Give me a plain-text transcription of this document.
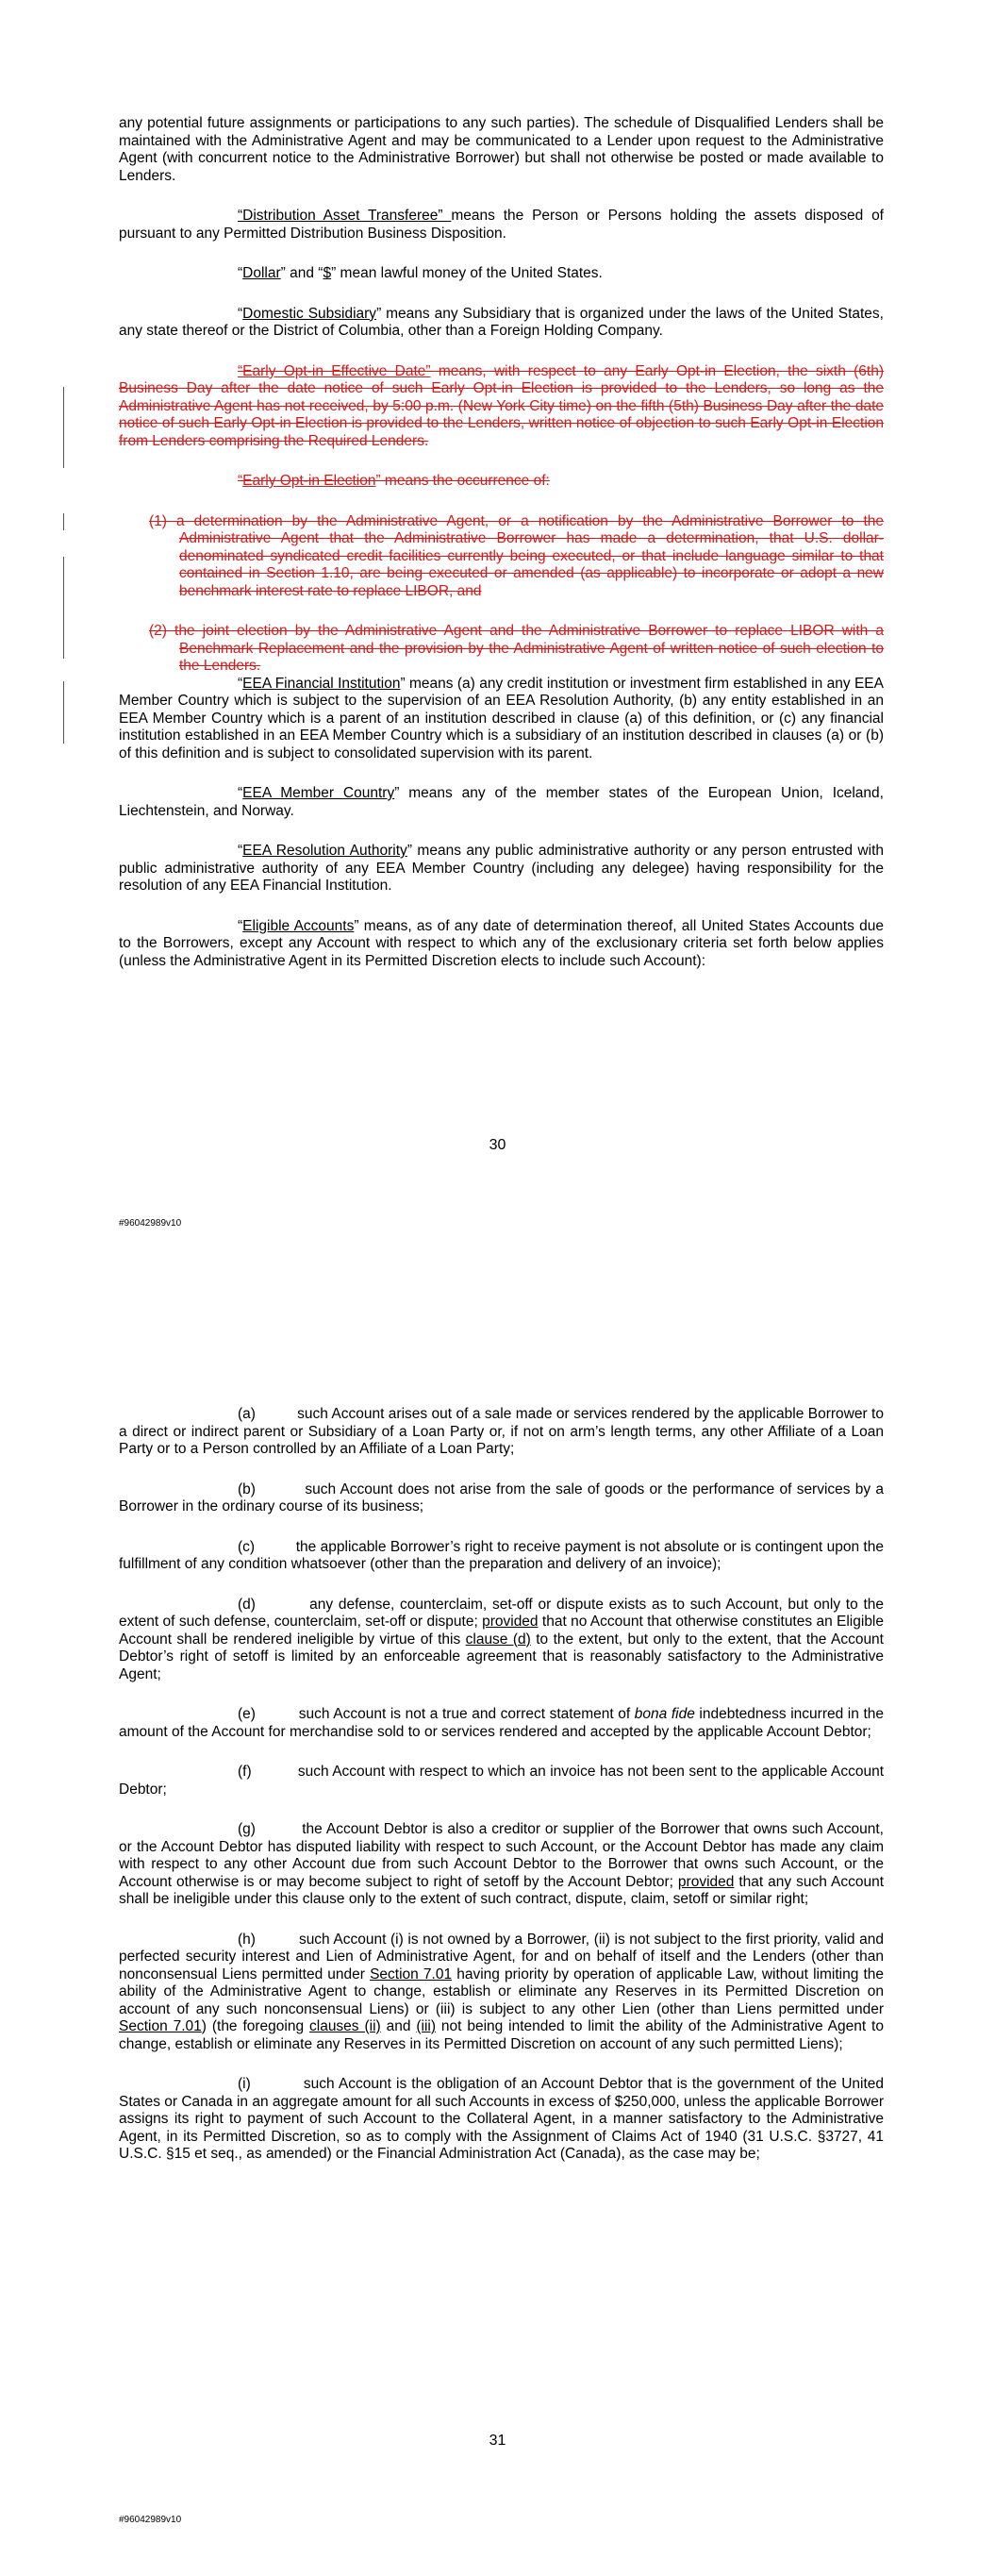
any potential future assignments or participations to any such parties). The schedule of Disqualified Lenders shall be maintained with the Administrative Agent and may be communicated to a Lender upon request to the Administrative Agent (with concurrent notice to the Administrative Borrower) but shall not otherwise be posted or made available to Lenders.

“Distribution Asset Transferee” means the Person or Persons holding the assets disposed of pursuant to any Permitted Distribution Business Disposition.

“Dollar” and “$” mean lawful money of the United States.

“Domestic Subsidiary” means any Subsidiary that is organized under the laws of the United States, any state thereof or the District of Columbia, other than a Foreign Holding Company.

“Early Opt-in Effective Date” means, with respect to any Early Opt-in Election, the sixth (6th) Business Day after the date notice of such Early Opt-in Election is provided to the Lenders, so long as the Administrative Agent has not received, by 5:00 p.m. (New York City time) on the fifth (5th) Business Day after the date notice of such Early Opt-in Election is provided to the Lenders, written notice of objection to such Early Opt-in Election from Lenders comprising the Required Lenders.

“Early Opt-in Election” means the occurrence of:

(1) a determination by the Administrative Agent, or a notification by the Administrative Borrower to the Administrative Agent that the Administrative Borrower has made a determination, that U.S. dollar-denominated syndicated credit facilities currently being executed, or that include language similar to that contained in Section 1.10, are being executed or amended (as applicable) to incorporate or adopt a new benchmark interest rate to replace LIBOR, and

(2) the joint election by the Administrative Agent and the Administrative Borrower to replace LIBOR with a Benchmark Replacement and the provision by the Administrative Agent of written notice of such election to the Lenders.

“EEA Financial Institution” means (a) any credit institution or investment firm established in any EEA Member Country which is subject to the supervision of an EEA Resolution Authority, (b) any entity established in an EEA Member Country which is a parent of an institution described in clause (a) of this definition, or (c) any financial institution established in an EEA Member Country which is a subsidiary of an institution described in clauses (a) or (b) of this definition and is subject to consolidated supervision with its parent.

“EEA Member Country” means any of the member states of the European Union, Iceland, Liechtenstein, and Norway.

“EEA Resolution Authority” means any public administrative authority or any person entrusted with public administrative authority of any EEA Member Country (including any delegee) having responsibility for the resolution of any EEA Financial Institution.

“Eligible Accounts” means, as of any date of determination thereof, all United States Accounts due to the Borrowers, except any Account with respect to which any of the exclusionary criteria set forth below applies (unless the Administrative Agent in its Permitted Discretion elects to include such Account):

30
#96042989v10

(a)	such Account arises out of a sale made or services rendered by the applicable Borrower to a direct or indirect parent or Subsidiary of a Loan Party or, if not on arm’s length terms, any other Affiliate of a Loan Party or to a Person controlled by an Affiliate of a Loan Party;

(b)	such Account does not arise from the sale of goods or the performance of services by a Borrower in the ordinary course of its business;

(c)	the applicable Borrower’s right to receive payment is not absolute or is contingent upon the fulfillment of any condition whatsoever (other than the preparation and delivery of an invoice);

(d)	any defense, counterclaim, set-off or dispute exists as to such Account, but only to the extent of such defense, counterclaim, set-off or dispute; provided that no Account that otherwise constitutes an Eligible Account shall be rendered ineligible by virtue of this clause (d) to the extent, but only to the extent, that the Account Debtor’s right of setoff is limited by an enforceable agreement that is reasonably satisfactory to the Administrative Agent;

(e)	such Account is not a true and correct statement of bona fide indebtedness incurred in the amount of the Account for merchandise sold to or services rendered and accepted by the applicable Account Debtor;

(f)	such Account with respect to which an invoice has not been sent to the applicable Account Debtor;

(g)	the Account Debtor is also a creditor or supplier of the Borrower that owns such Account, or the Account Debtor has disputed liability with respect to such Account, or the Account Debtor has made any claim with respect to any other Account due from such Account Debtor to the Borrower that owns such Account, or the Account otherwise is or may become subject to right of setoff by the Account Debtor; provided that any such Account shall be ineligible under this clause only to the extent of such contract, dispute, claim, setoff or similar right;

(h)	such Account (i) is not owned by a Borrower, (ii) is not subject to the first priority, valid and perfected security interest and Lien of Administrative Agent, for and on behalf of itself and the Lenders (other than nonconsensual Liens permitted under Section 7.01 having priority by operation of applicable Law, without limiting the ability of the Administrative Agent to change, establish or eliminate any Reserves in its Permitted Discretion on account of any such nonconsensual Liens) or (iii) is subject to any other Lien (other than Liens permitted under Section 7.01) (the foregoing clauses (ii) and (iii) not being intended to limit the ability of the Administrative Agent to change, establish or eliminate any Reserves in its Permitted Discretion on account of any such permitted Liens);

(i)	such Account is the obligation of an Account Debtor that is the government of the United States or Canada in an aggregate amount for all such Accounts in excess of $250,000, unless the applicable Borrower assigns its right to payment of such Account to the Collateral Agent, in a manner satisfactory to the Administrative Agent, in its Permitted Discretion, so as to comply with the Assignment of Claims Act of 1940 (31 U.S.C. §3727, 41 U.S.C. §15 et seq., as amended) or the Financial Administration Act (Canada), as the case may be;

31
#96042989v10
